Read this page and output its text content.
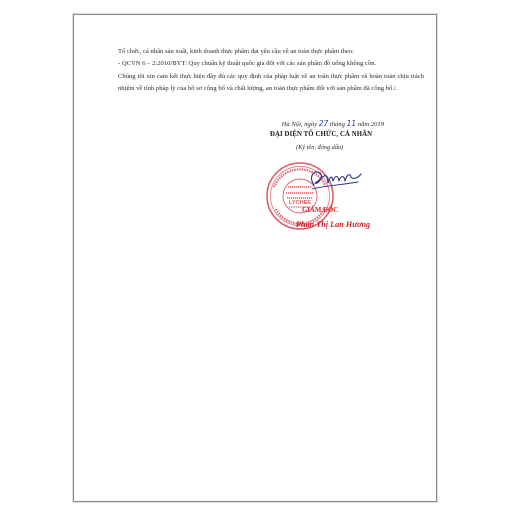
Tổ chức, cá nhân sản xuất, kinh doanh thực phẩm đạt yêu cầu về an toàn thực phẩm theo:

- QCVN 6 – 2:2010/BYT: Quy chuẩn kỹ thuật quốc gia đối với các sản phẩm đồ uống không cồn.

Chúng tôi xin cam kết thực hiện đầy đủ các quy định của pháp luật về an toàn thực phẩm và hoàn toàn chịu trách nhiệm về tính pháp lý của hồ sơ công bố và chất lượng, an toàn thực phẩm đối với sản phẩm đã công bố./.

Hà Nội, ngày 27 tháng 11 năm 2019
ĐẠI DIỆN TỔ CHỨC, CÁ NHÂN
(Ký tên, đóng dấu)
LYCHEE
GIÁM ĐỐC
Phan Thị Lan Hương
